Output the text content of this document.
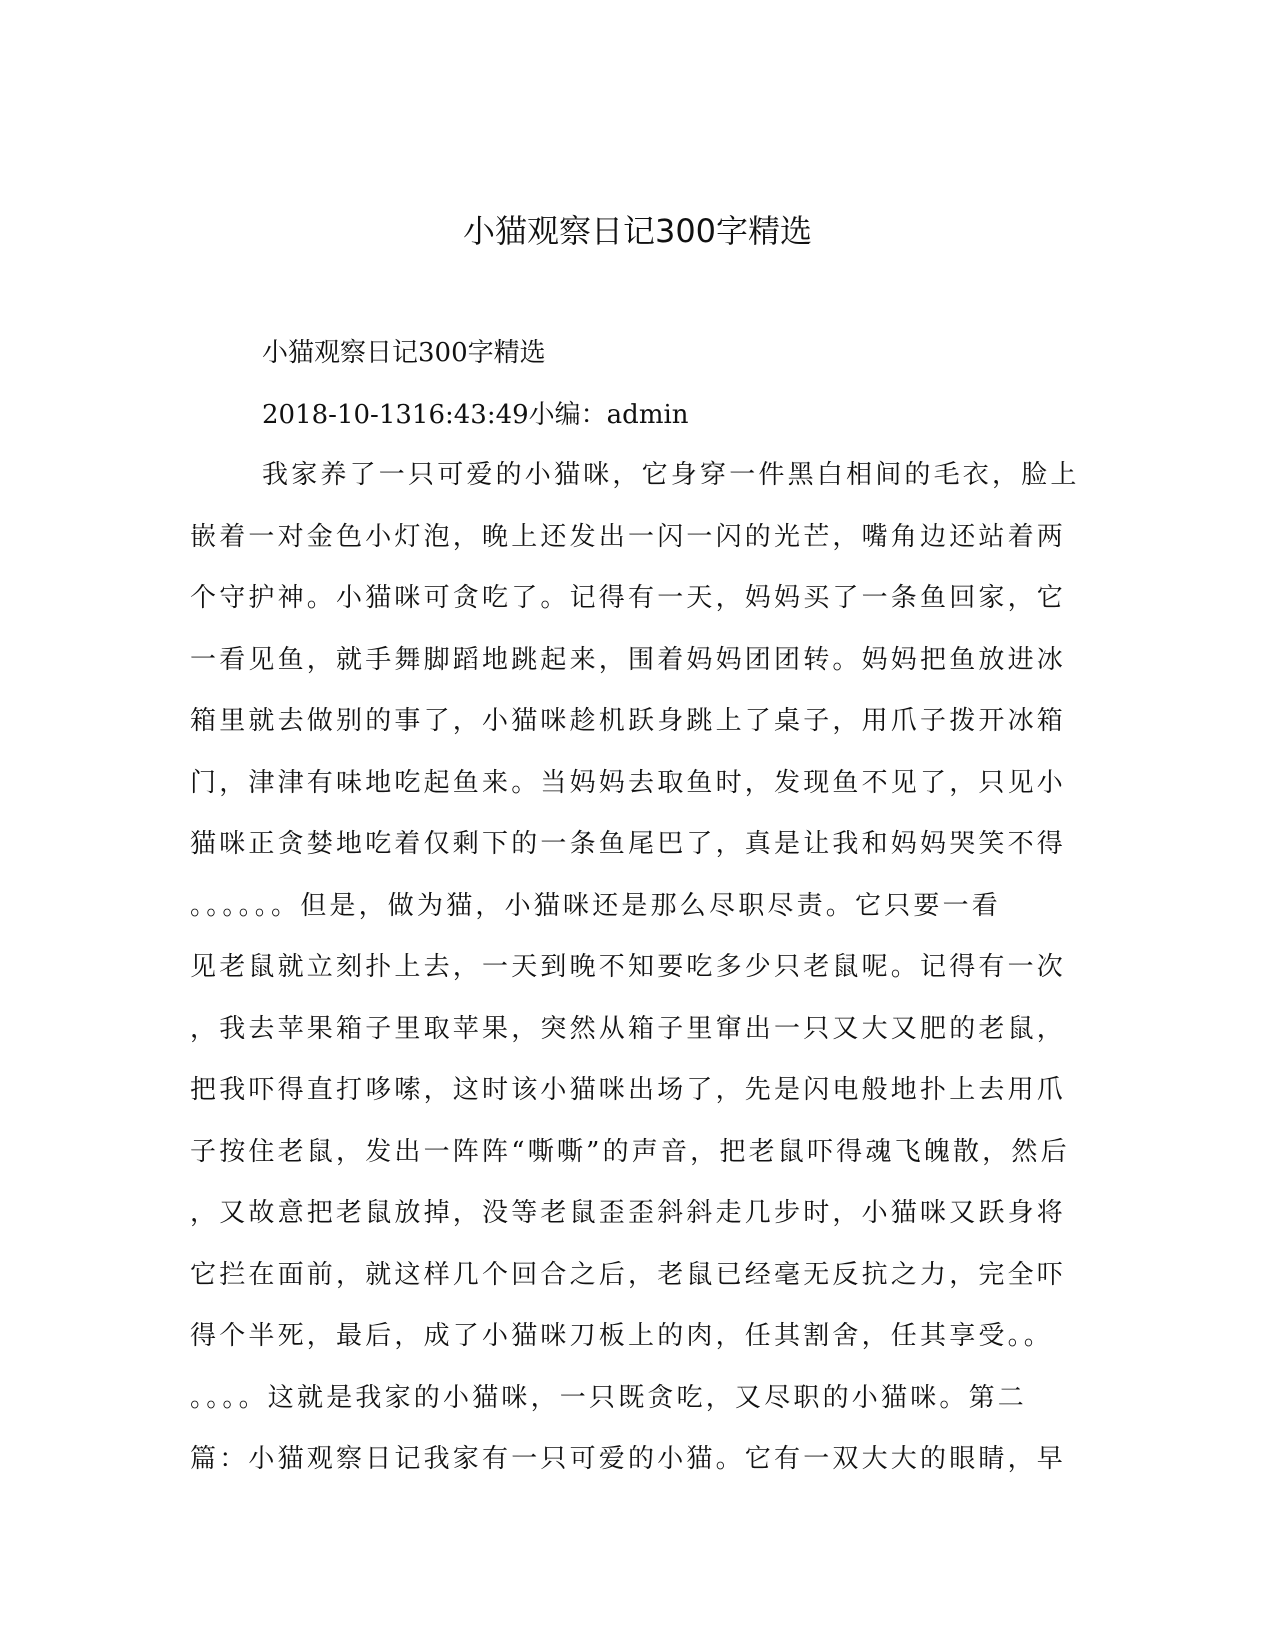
小猫观察日记300字精选

小猫观察日记300字精选

2018-10-1316:43:49小编：admin

我家养了一只可爱的小猫咪，它身穿一件黑白相间的毛衣，脸上
嵌着一对金色小灯泡，晚上还发出一闪一闪的光芒，嘴角边还站着两
个守护神。小猫咪可贪吃了。记得有一天，妈妈买了一条鱼回家，它
一看见鱼，就手舞脚蹈地跳起来，围着妈妈团团转。妈妈把鱼放进冰
箱里就去做别的事了，小猫咪趁机跃身跳上了桌子，用爪子拨开冰箱
门，津津有味地吃起鱼来。当妈妈去取鱼时，发现鱼不见了，只见小
猫咪正贪婪地吃着仅剩下的一条鱼尾巴了，真是让我和妈妈哭笑不得
。。。。。。但是，做为猫，小猫咪还是那么尽职尽责。它只要一看
见老鼠就立刻扑上去，一天到晚不知要吃多少只老鼠呢。记得有一次
，我去苹果箱子里取苹果，突然从箱子里窜出一只又大又肥的老鼠，
把我吓得直打哆嗦，这时该小猫咪出场了，先是闪电般地扑上去用爪
子按住老鼠，发出一阵阵“嘶嘶”的声音，把老鼠吓得魂飞魄散，然后
，又故意把老鼠放掉，没等老鼠歪歪斜斜走几步时，小猫咪又跃身将
它拦在面前，就这样几个回合之后，老鼠已经毫无反抗之力，完全吓
得个半死，最后，成了小猫咪刀板上的肉，任其割舍，任其享受。。
。。。。这就是我家的小猫咪，一只既贪吃，又尽职的小猫咪。第二
篇：小猫观察日记我家有一只可爱的小猫。它有一双大大的眼睛，早
